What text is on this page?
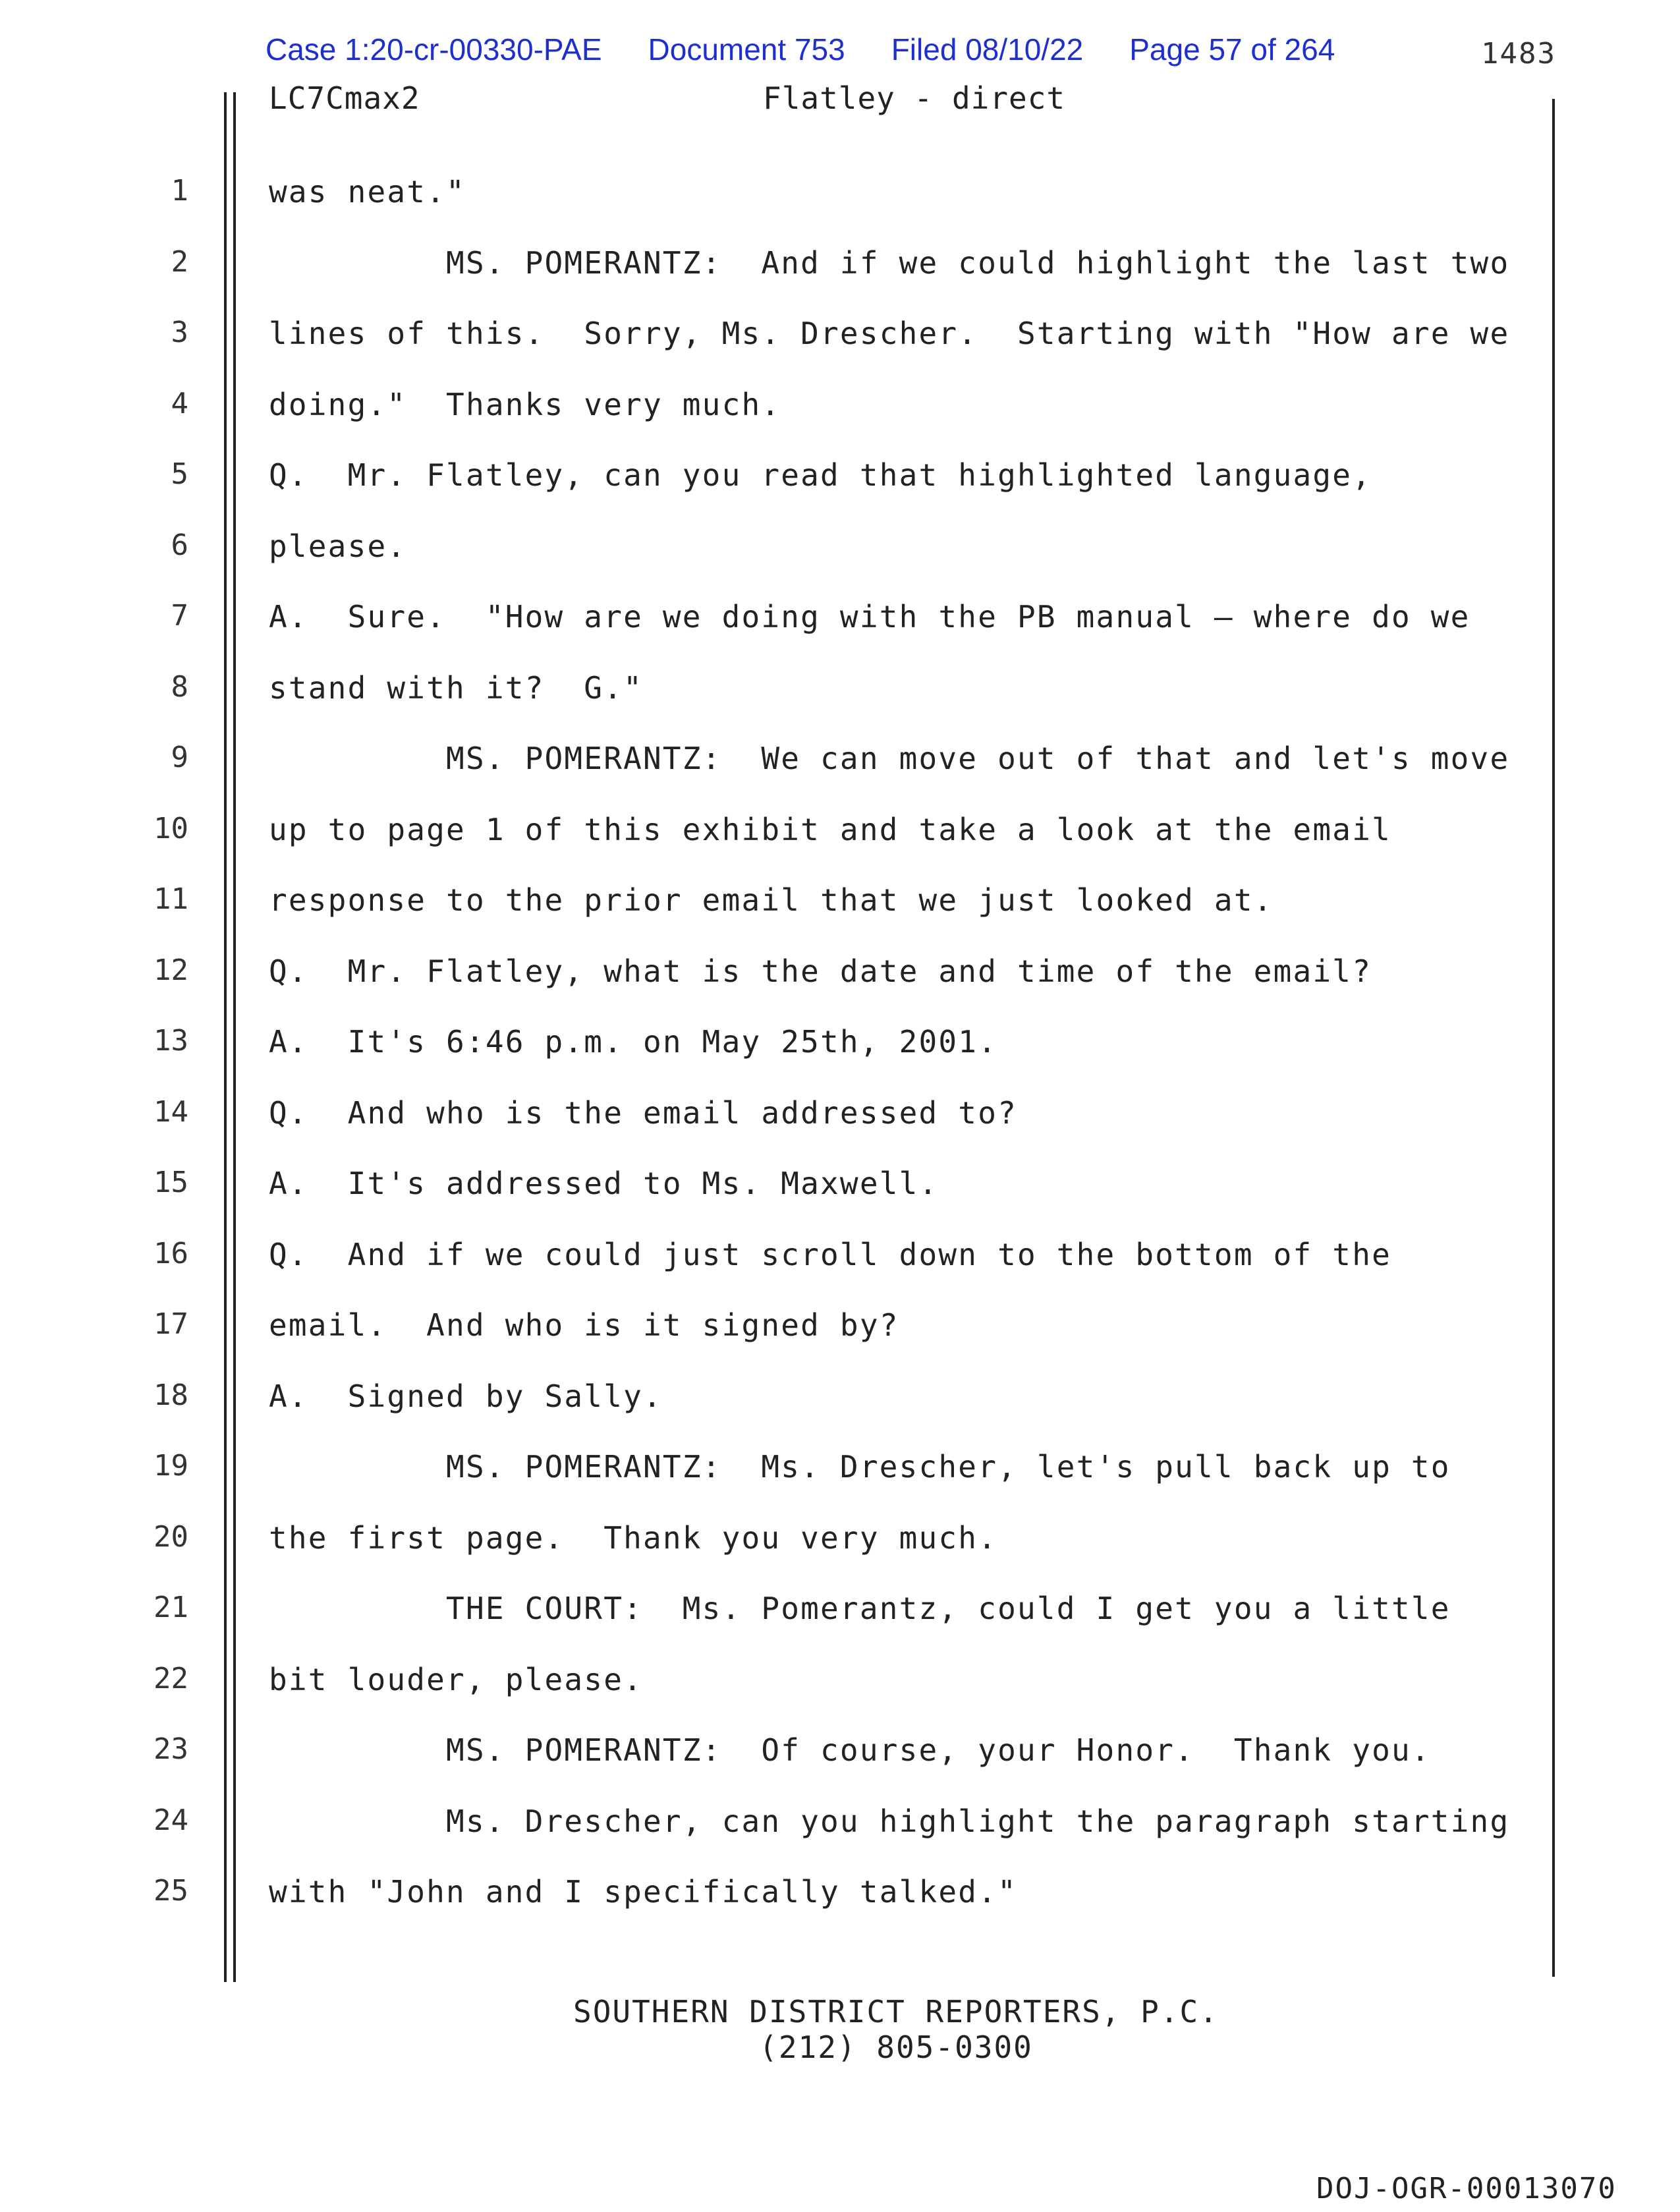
Case 1:20-cr-00330-PAE Document 753 Filed 08/10/22 Page 57 of 264	1483
LC7Cmax2	Flatley - direct
1	was neat."
2	MS. POMERANTZ:  And if we could highlight the last two
3	lines of this.  Sorry, Ms. Drescher.  Starting with "How are we
4	doing."  Thanks very much.
5	Q.  Mr. Flatley, can you read that highlighted language,
6	please.
7	A.  Sure.  "How are we doing with the PB manual — where do we
8	stand with it?  G."
9	MS. POMERANTZ:  We can move out of that and let's move
10	up to page 1 of this exhibit and take a look at the email
11	response to the prior email that we just looked at.
12	Q.  Mr. Flatley, what is the date and time of the email?
13	A.  It's 6:46 p.m. on May 25th, 2001.
14	Q.  And who is the email addressed to?
15	A.  It's addressed to Ms. Maxwell.
16	Q.  And if we could just scroll down to the bottom of the
17	email.  And who is it signed by?
18	A.  Signed by Sally.
19	MS. POMERANTZ:  Ms. Drescher, let's pull back up to
20	the first page.  Thank you very much.
21	THE COURT:  Ms. Pomerantz, could I get you a little
22	bit louder, please.
23	MS. POMERANTZ:  Of course, your Honor.  Thank you.
24	Ms. Drescher, can you highlight the paragraph starting
25	with "John and I specifically talked."
SOUTHERN DISTRICT REPORTERS, P.C.
(212) 805-0300
DOJ-OGR-00013070
